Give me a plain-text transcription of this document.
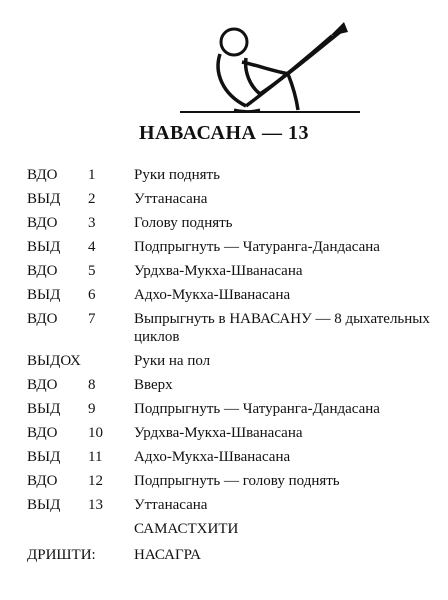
НАВАСАНА — 13
ВДО 1	Руки поднять
ВЫД 2	Уттанасана
ВДО 3	Голову поднять
ВЫД 4	Подпрыгнуть — Чатуранга-Дандасана
ВДО 5	Урдхва-Мукха-Шванасана
ВЫД 6	Адхо-Мукха-Шванасана
ВДО 7	Выпрыгнуть в НАВАСАНУ — 8 дыхательных циклов
ВЫДОХ	Руки на пол
ВДО 8	Вверх
ВЫД 9	Подпрыгнуть — Чатуранга-Дандасана
ВДО 10 Урдхва-Мукха-Шванасана
ВЫД 11 Адхо-Мукха-Шванасана
ВДО 12 Подпрыгнуть — голову поднять
ВЫД 13 Уттанасана
САМАСТХИТИ
ДРИШТИ:	НАСАГРА
